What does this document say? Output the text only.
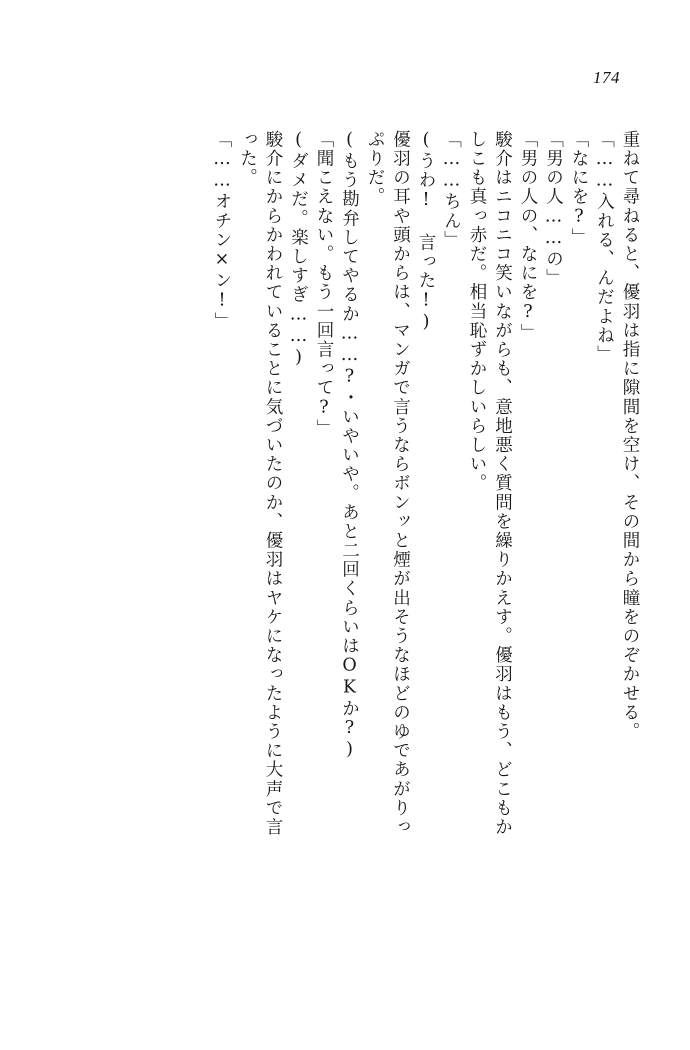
174
重ねて尋ねると、優羽は指に隙間を空け、その間から瞳をのぞかせる。
「……入れる、んだよね」
「なにを?」
「男の人……の」
「男の人の、なにを?」
駿介はニコニコ笑いながらも、意地悪く質問を繰りかえす。優羽はもう、どこもか
しこも真っ赤だ。相当恥ずかしいらしい。
「……ちん」
(うわ! 言った!)
優羽の耳や頭からは、マンガで言うならボンッと煙が出そうなほどのゆであがりっ
ぷりだ。
(もう勘弁してやるか……?・いやいや。あと二回くらいはOKか?)
「聞こえない。もう一回言って?」
(ダメだ。楽しすぎ……)
駿介にからかわれていることに気づいたのか、優羽はヤケになったように大声で言
った。
「……オチン×ン!」
